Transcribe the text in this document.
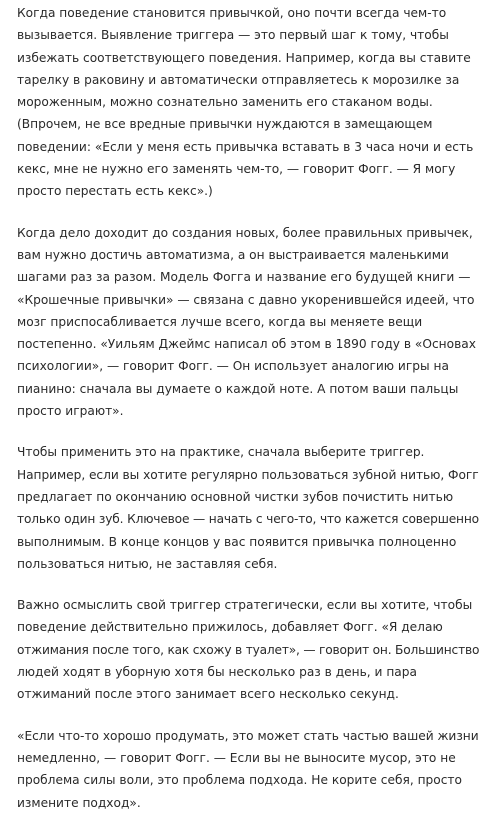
Когда поведение становится привычкой, оно почти всегда чем-то
вызывается. Выявление триггера — это первый шаг к тому, чтобы
избежать соответствующего поведения. Например, когда вы ставите
тарелку в раковину и автоматически отправляетесь к морозилке за
мороженным, можно сознательно заменить его стаканом воды.
(Впрочем, не все вредные привычки нуждаются в замещающем
поведении: «Если у меня есть привычка вставать в 3 часа ночи и есть
кекс, мне не нужно его заменять чем-то, — говорит Фогг. — Я могу
просто перестать есть кекс».)

Когда дело доходит до создания новых, более правильных привычек,
вам нужно достичь автоматизма, а он выстраивается маленькими
шагами раз за разом. Модель Фогга и название его будущей книги —
«Крошечные привычки» — связана с давно укоренившейся идеей, что
мозг приспосабливается лучше всего, когда вы меняете вещи
постепенно. «Уильям Джеймс написал об этом в 1890 году в «Основах
психологии», — говорит Фогг. — Он использует аналогию игры на
пианино: сначала вы думаете о каждой ноте. А потом ваши пальцы
просто играют».

Чтобы применить это на практике, сначала выберите триггер.
Например, если вы хотите регулярно пользоваться зубной нитью, Фогг
предлагает по окончанию основной чистки зубов почистить нитью
только один зуб. Ключевое — начать с чего-то, что кажется совершенно
выполнимым. В конце концов у вас появится привычка полноценно
пользоваться нитью, не заставляя себя.

Важно осмыслить свой триггер стратегически, если вы хотите, чтобы
поведение действительно прижилось, добавляет Фогг. «Я делаю
отжимания после того, как схожу в туалет», — говорит он. Большинство
людей ходят в уборную хотя бы несколько раз в день, и пара
отжиманий после этого занимает всего несколько секунд.

«Если что-то хорошо продумать, это может стать частью вашей жизни
немедленно, — говорит Фогг. — Если вы не выносите мусор, это не
проблема силы воли, это проблема подхода. Не корите себя, просто
измените подход».
